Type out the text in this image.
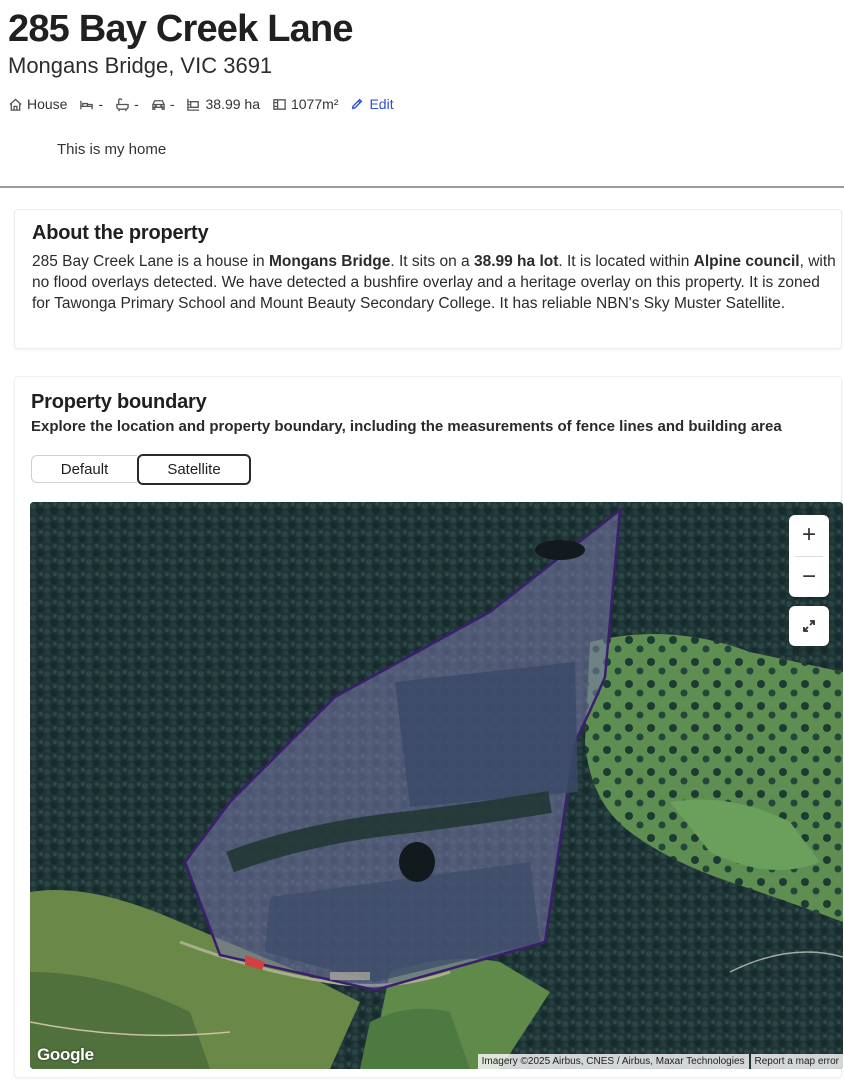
285 Bay Creek Lane
Mongans Bridge, VIC 3691
House - - - 38.99 ha 1077m² Edit
This is my home
About the property
285 Bay Creek Lane is a house in Mongans Bridge. It sits on a 38.99 ha lot. It is located within Alpine council, with no flood overlays detected. We have detected a bushfire overlay and a heritage overlay on this property. It is zoned for Tawonga Primary School and Mount Beauty Secondary College. It has reliable NBN's Sky Muster Satellite.
Property boundary
Explore the location and property boundary, including the measurements of fence lines and building area
Default	Satellite
+
−
Google	Imagery ©2025 Airbus, CNES / Airbus, Maxar Technologies	Report a map error
